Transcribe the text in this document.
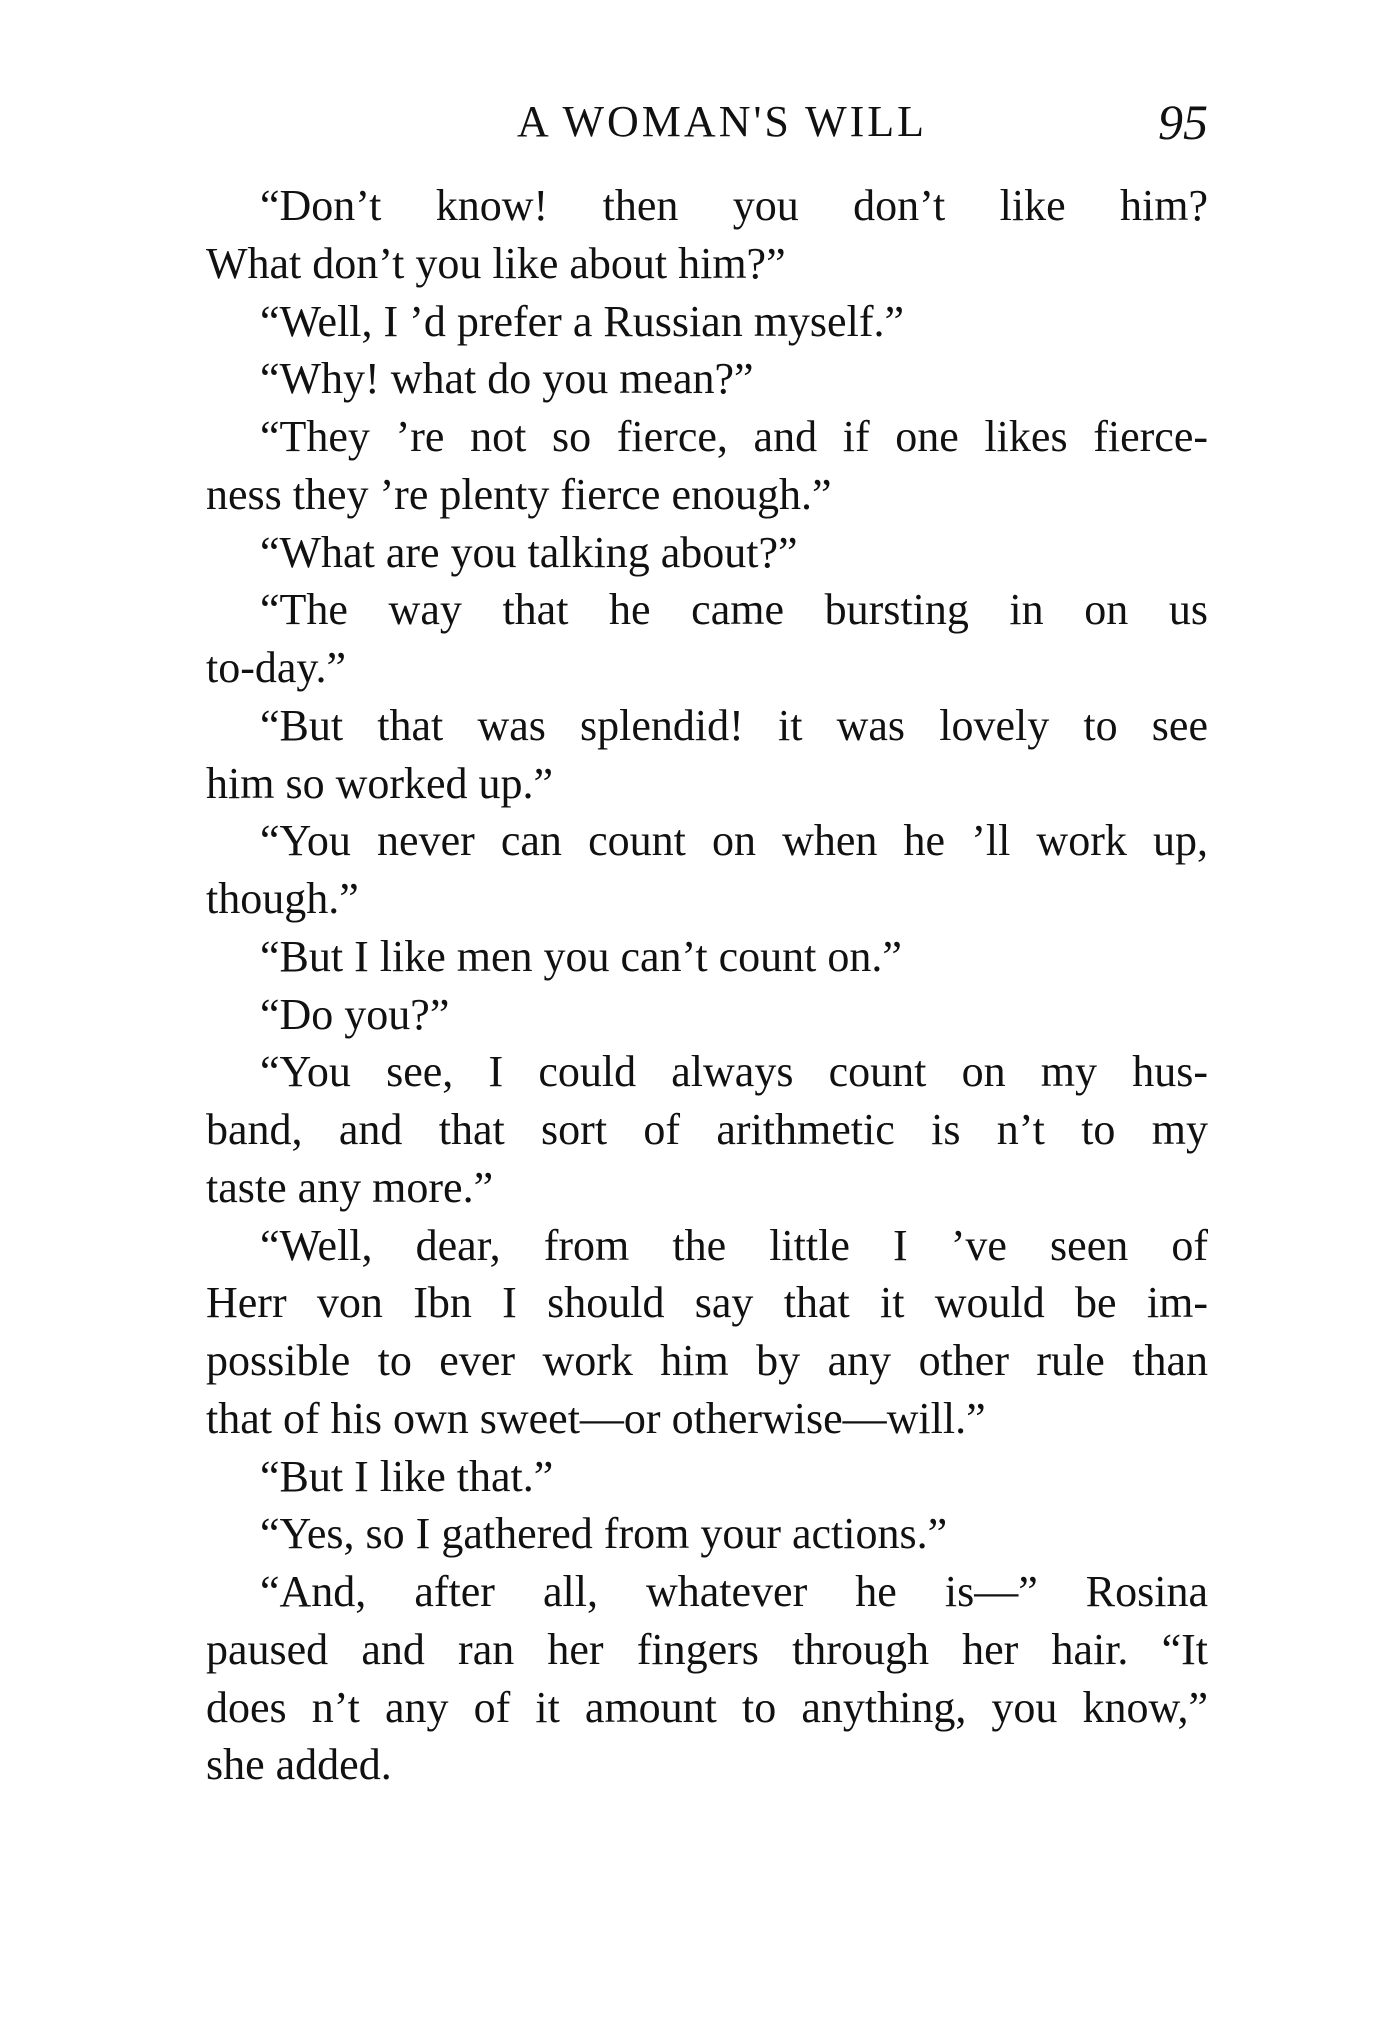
A WOMAN'S WILL	95
“Don’t know! then you don’t like him?
What don’t you like about him?”
“Well, I ’d prefer a Russian myself.”
“Why! what do you mean?”
“They ’re not so fierce, and if one likes fierce-
ness they ’re plenty fierce enough.”
“What are you talking about?”
“The way that he came bursting in on us
to-day.”
“But that was splendid! it was lovely to see
him so worked up.”
“You never can count on when he ’ll work up,
though.”
“But I like men you can’t count on.”
“Do you?”
“You see, I could always count on my hus-
band, and that sort of arithmetic is n’t to my
taste any more.”
“Well, dear, from the little I ’ve seen of
Herr von Ibn I should say that it would be im-
possible to ever work him by any other rule than
that of his own sweet—or otherwise—will.”
“But I like that.”
“Yes, so I gathered from your actions.”
“And, after all, whatever he is—” Rosina
paused and ran her fingers through her hair. “It
does n’t any of it amount to anything, you know,”
she added.
